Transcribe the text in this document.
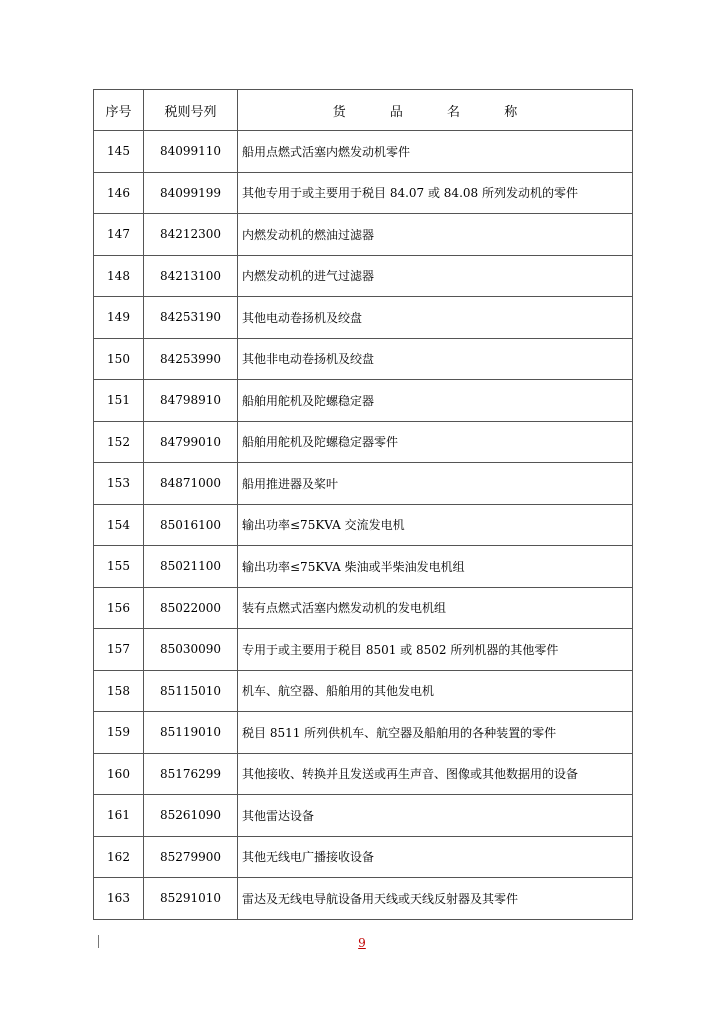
序号	税则号列	货 品 名 称
145	84099110	船用点燃式活塞内燃发动机零件
146	84099199	其他专用于或主要用于税目 84.07 或 84.08 所列发动机的零件
147	84212300	内燃发动机的燃油过滤器
148	84213100	内燃发动机的进气过滤器
149	84253190	其他电动卷扬机及绞盘
150	84253990	其他非电动卷扬机及绞盘
151	84798910	船舶用舵机及陀螺稳定器
152	84799010	船舶用舵机及陀螺稳定器零件
153	84871000	船用推进器及桨叶
154	85016100	输出功率≤75KVA 交流发电机
155	85021100	输出功率≤75KVA 柴油或半柴油发电机组
156	85022000	装有点燃式活塞内燃发动机的发电机组
157	85030090	专用于或主要用于税目 8501 或 8502 所列机器的其他零件
158	85115010	机车、航空器、船舶用的其他发电机
159	85119010	税目 8511 所列供机车、航空器及船舶用的各种装置的零件
160	85176299	其他接收、转换并且发送或再生声音、图像或其他数据用的设备
161	85261090	其他雷达设备
162	85279900	其他无线电广播接收设备
163	85291010	雷达及无线电导航设备用天线或天线反射器及其零件
9
